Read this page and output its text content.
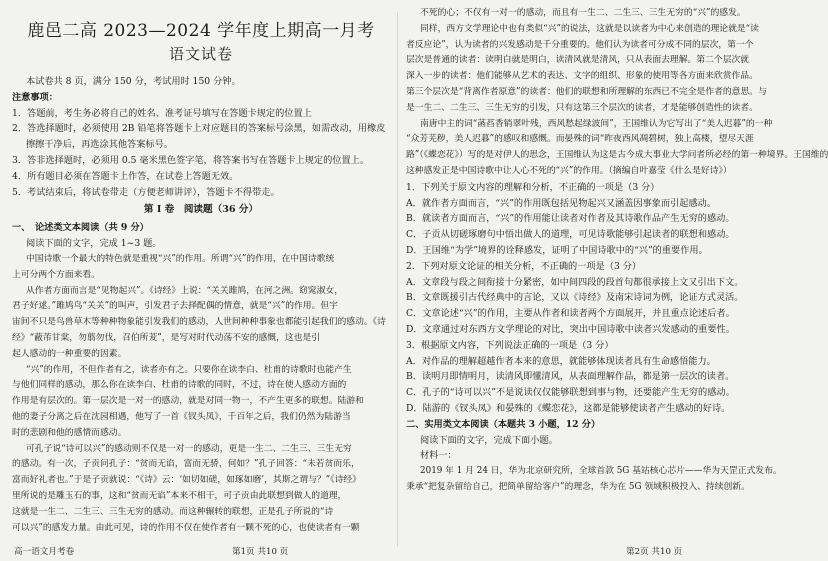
鹿邑二高 2023—2024 学年度上期高一月考
语文试卷

本试卷共 8 页，满分 150 分，考试用时 150 分钟。

注意事项：

1．答题前，考生务必将自己的姓名、准考证号填写在答题卡规定的位置上

2．答选择题时，必须使用 2B 铅笔将答题卡上对应题目的答案标号涂黑，如需改动，用橡皮

擦擦干净后，再选涂其他答案标号。

3．答非选择题时，必须用 0.5 毫米黑色签字笔，将答案书写在答题卡上规定的位置上。

4．所有题目必须在答题卡上作答，在试卷上答题无效。

5．考试结束后，将试卷带走（方便老师讲评），答题卡不得带走。

第 I 卷　阅读题（36 分）

一、　论述类文本阅读（共 9 分）

阅读下面的文字，完成 1~3 题。

中国诗歌一个最大的特色就是重视“兴”的作用。所谓“兴”的作用，在中国诗歌统

上可分两个方面来看。

从作者方面而言是“见物起兴”。《诗经》上说：“关关雎鸠，在河之洲。窈窕淑女，

君子好逑。”雎鸠鸟“关关”的叫声，引发君子去择配偶的情意，就是“兴”的作用。但宇

宙间不只是鸟兽草木等种种物象能引发我们的感动，人世间种种事象也都能引起我们的感动。《诗

经》“蔽芾甘棠，勿翦勿伐，召伯所茇”，是写对时代动荡不安的感慨，这也是引

起人感动的一种重要的因素。

“兴”的作用，不但作者有之，读者亦有之。只要你在读李白、杜甫的诗歌时也能产生

与他们同样的感动，那么你在读李白、杜甫的诗歌的同时，不过，诗在使人感动方面的

作用是有层次的。第一层次是一对一的感动，就是对同一物一，不产生更多的联想。陆游和

他的妻子分离之后在沈园相遇，他写了一首《钗头凤》，千百年之后，我们仍然为陆游当

时的悲剧和他的感情而感动。

可孔子说“诗可以兴”的感动则不仅是一对一的感动，更是一生二、二生三、三生无穷

的感动。有一次，子贡问孔子：“贫而无谄，富而无骄，何如？”孔子回答：“未若贫而乐，

富而好礼者也。”于是子贡就说：“《诗》云：‘如切如磋，如琢如磨’，其斯之谓与？”《诗经》

里所说的是雕玉石的事，这和“贫而无谄”本来不相干，可子贡由此联想到做人的道理，

这就是一生二、二生三、三生无穷的感动。而这种辗转的联想，正是孔子所说的“诗

可以兴”的感发力量。由此可见，诗的作用不仅在使作者有一颗不死的心，也使读者有一颗

不死的心；不仅有一对一的感动，而且有一生二、二生三、三生无穷的“兴”的感发。

同样，西方文学理论中也有类似“兴”的说法，这就是以读者为中心来创造的理论就是“读

者反应论”，认为读者的兴发感动是千分重要的。他们认为读者可分成不同的层次，第一个

层次是普通的读者：读明白就是明白，读清风就是清风，只从表面去理解。第二个层次就

深入一步的读者：他们能够从艺术的表达、文字的组织、形象的使用等各方面来欣赏作品。

第三个层次是“背离作者原意”的读者：他们的联想和所理解的东西已不完全是作者的意思。与

是一生二、二生三、三生无穷的引发，只有这第三个层次的读者，才是能够创造性的读者。

南唐中主的词“菡萏香销翠叶残，西风愁起绿波间”，王国维认为它写出了“美人迟暮”的一种

“众芳芜秽，美人迟暮”的感叹和感慨。而晏殊的词“昨夜西风凋碧树，独上高楼，望尽天涯

路”（《蝶恋花》）写的是对伊人的思念，王国维认为这是古今成大事业大学问者所必经的第一种境界。王国维的

这种感发正是中国诗歌中让人心不死的“兴”的作用。（摘编自叶嘉莹《什么是好诗》）

1．下列关于原文内容的理解和分析，不正确的一项是（3 分）

A．就作者方面而言，“兴”的作用既包括见物起兴又涵盖因事象而引起感动。

B．就读者方面而言，“兴”的作用能让读者对作者及其诗歌作品产生无穷的感动。

C．子贡从切磋琢磨句中悟出做人的道理，可见诗歌能够引起读者的联想和感动。

D．王国维“为学”境界的诠释感发，证明了中国诗歌中的“兴”的重要作用。

2．下列对原文论证的相关分析，不正确的一项是（3 分）

A．文章段与段之间衔接十分紧密，如中间四段的段首句都很承接上文又引出下文。

B．文章既援引古代经典中的言论，又以《诗经》及南宋诗词为例，论证方式灵活。

C．文章论述“兴”的作用，主要从作者和读者两个方面展开，并且重点论述后者。

D．文章通过对东西方文学理论的对比，突出中国诗歌中读者兴发感动的重要性。

3．根据原文内容，下列说法正确的一项是（3 分）

A．对作品的理解超越作者本来的意思，就能够体现读者具有生命感悟能力。

B．读明月即情明月，读清风即懂清风，从表面理解作品，都是第一层次的读者。

C．孔子的“诗可以兴”不是说读仅仅能够联想到事与物，还要能产生无穷的感动。

D．陆游的《钗头凤》和晏殊的《蝶恋花》，这都是能够使读者产生感动的好诗。

二、实用类文本阅读（本题共 3 小题，12 分）

阅读下面的文字，完成下面小题。

材料一：

2019 年 1 月 24 日，华为北京研究所，全球首款 5G 基站核心芯片——华为天罡正式发布。

秉承“把复杂留给自己，把简单留给客户”的理念，华为在 5G 领域积极投入、持续创新。

高一语文月考卷	第1页 共10 页	第2页 共10 页
